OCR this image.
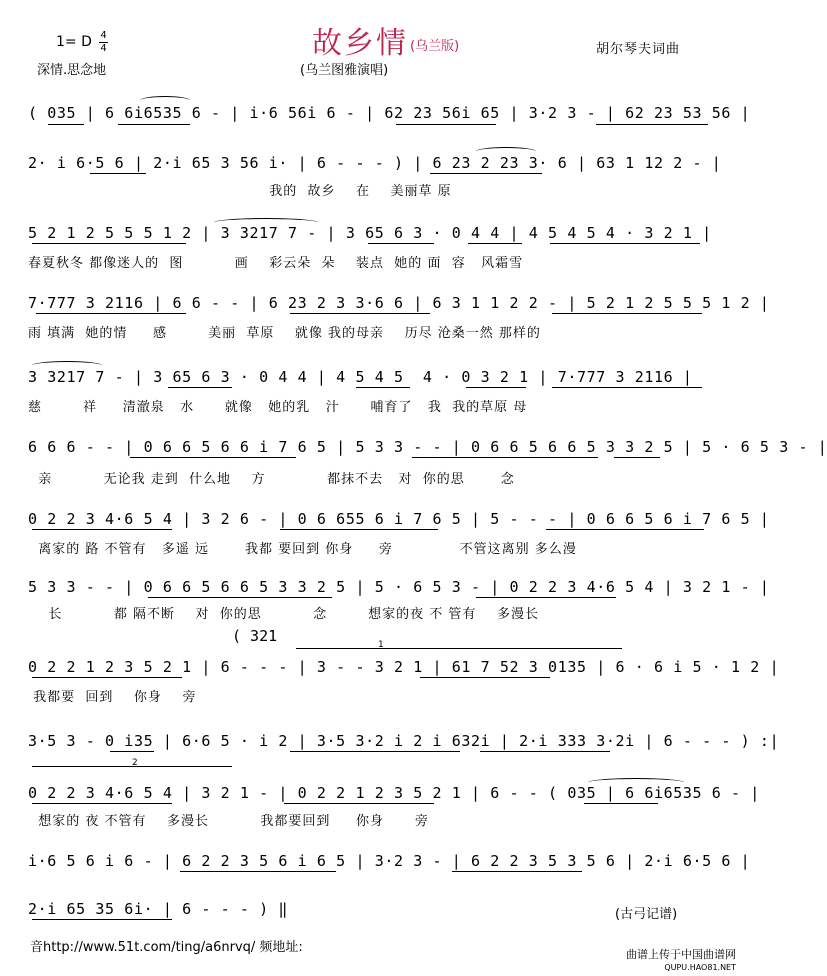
故乡情 (乌兰版)
1= D 4
4
深情.思念地	(乌兰图雅演唱)
胡尔琴夫词曲
( 035 | 6 6i6535 6 - | i·6 56i 6 - | 62 23 56i 65 | 3·2 3 - | 62 23 53 56 |
2· i 6·5 6 | 2·i 65 3 56 i· | 6 - - - ) | 6 23 2 23 3· 6 | 63 1 12 2 - |
我的  故乡    在    美丽草 原
5 2 1 2 5 5 5 1 2 | 3 3217 7 - | 3 65 6 3 · 0 4 4 | 4 5 4 5 4 · 3 2 1 |
春夏秋冬 都像迷人的  图          画    彩云朵  朵    装点  她的 面  容   风霜雪
7·777 3 2116 | 6 6 - - | 6 23 2 3 3·6 6 | 6 3 1 1 2 2 - | 5 2 1 2 5 5 5 1 2 |
雨 填满  她的情     感        美丽  草原    就像 我的母亲    历尽 沧桑一然 那样的
3 3217 7 - | 3 65 6 3 · 0 4 4 | 4 5 4 5  4 · 0 3 2 1 | 7·777 3 2116 |
慈        祥     清澈泉   水      就像   她的乳   汁      哺育了   我  我的草原 母
6 6 6 - - | 0 6 6 5 6 6 i 7 6 5 | 5 3 3 - - | 0 6 6 5 6 6 5 3 3 2 5 | 5 · 6 5 3 - |
亲          无论我 走到  什么地    方            都抹不去   对  你的思       念
0 2 2 3 4·6 5 4 | 3 2 6 - | 0 6 655 6 i 7 6 5 | 5 - - - | 0 6 6 5 6 i 7 6 5 |
离家的 路 不管有   多遥 远       我都 要回到 你身     旁             不管这离别 多么漫
5 3 3 - - | 0 6 6 5 6 6 5 3 3 2 5 | 5 · 6 5 3 - | 0 2 2 3 4·6 5 4 | 3 2 1 - |
长          都 隔不断    对  你的思          念        想家的夜 不 管有    多漫长
( 321	1
0 2 2 1 2 3 5 2 1 | 6 - - - | 3 - - 3 2 1 | 61 7 52 3 0135 | 6 · 6 i 5 · 1 2 |
我都要  回到    你身    旁
3·5 3 - 0 i35 | 6·6 5 · i 2 | 3·5 3·2 i 2 i 632i | 2·i 333 3·2i | 6 - - - ) :|
2
0 2 2 3 4·6 5 4 | 3 2 1 - | 0 2 2 1 2 3 5 2 1 | 6 - - ( 035 | 6 6i6535 6 - |
想家的 夜 不管有    多漫长          我都要回到     你身      旁
i·6 5 6 i 6 - | 6 2 2 3 5 6 i 6 5 | 3·2 3 - | 6 2 2 3 5 3 5 6 | 2·i 6·5 6 |
2·i 65 35 6i· | 6 - - - ) ‖	(古弓记谱)
音http://www.51t.com/ting/a6nrvq/ 频地址:	曲谱上传于中国曲谱网
QUPU.HAO81.NET
